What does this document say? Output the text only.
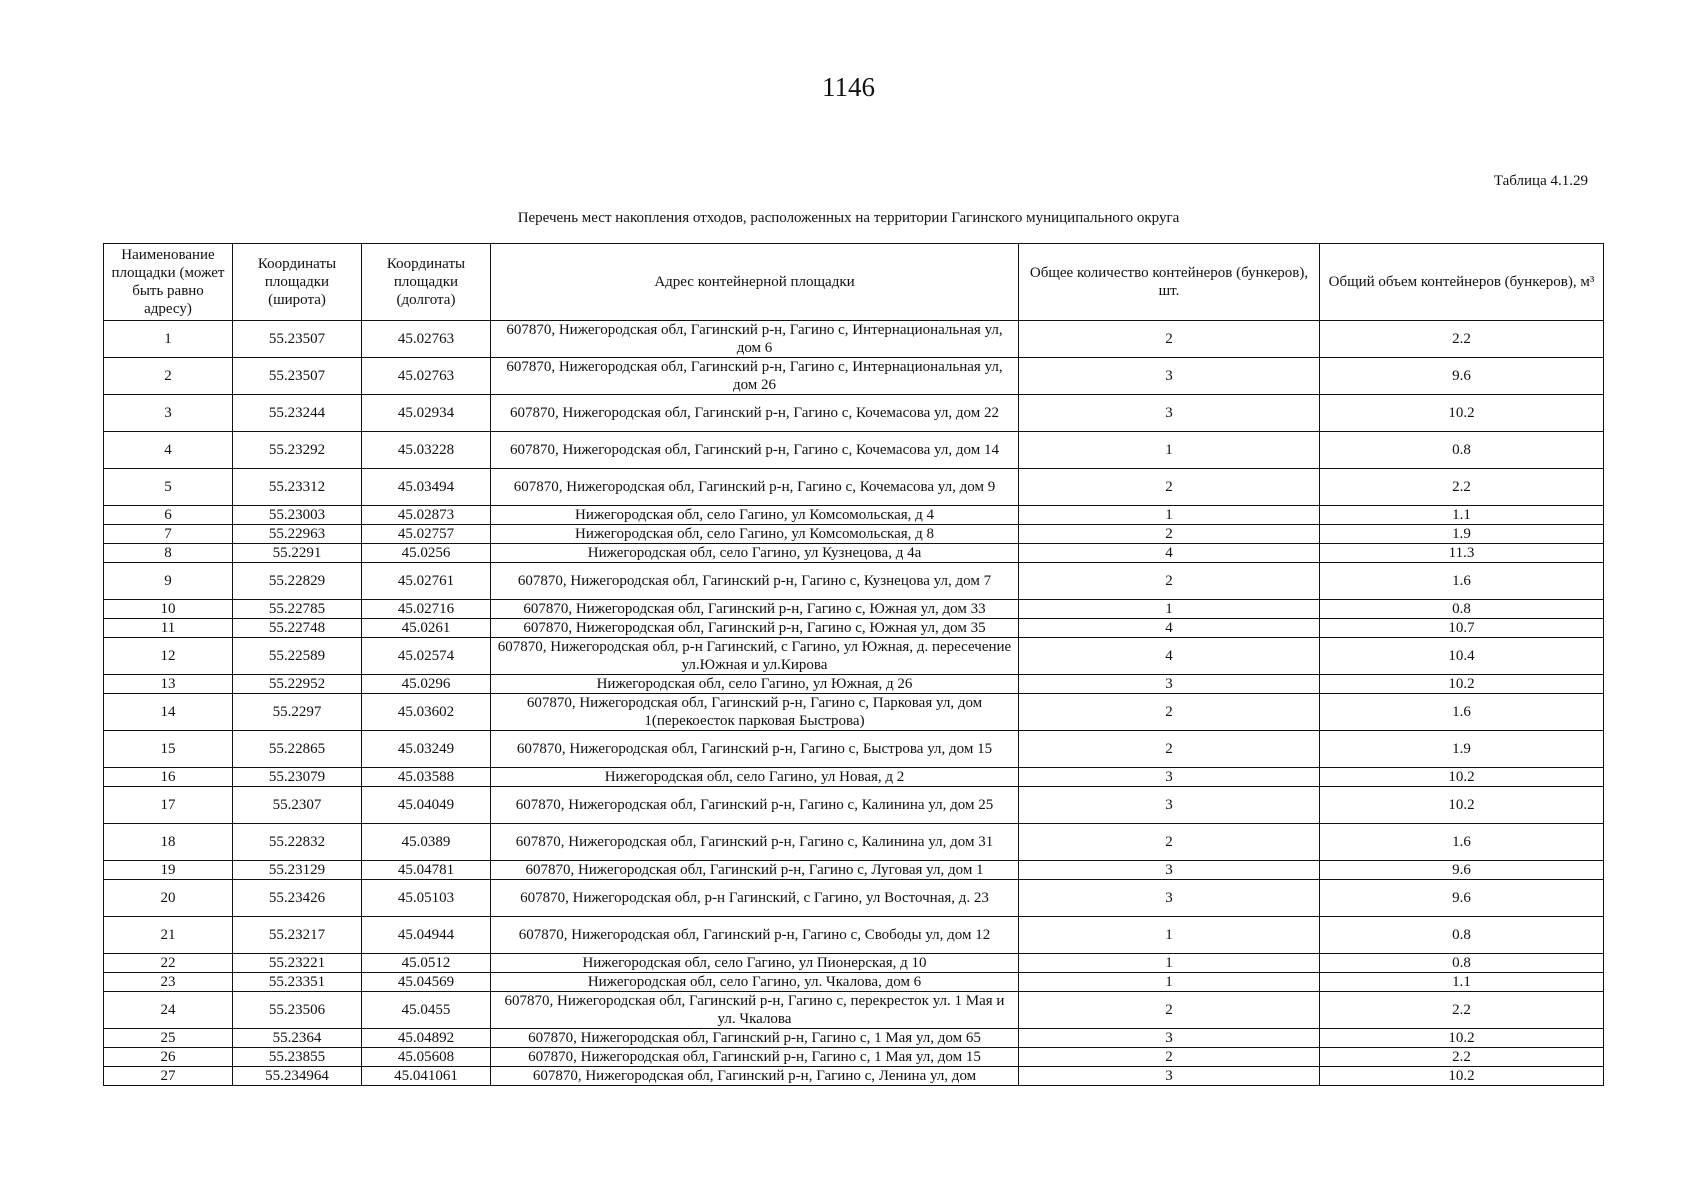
1146
Таблица 4.1.29
Перечень мест накопления отходов, расположенных на территории Гагинского муниципального округа
Наименование площадки (может быть равно адресу)	Координаты площадки (широта)	Координаты площадки (долгота)	Адрес контейнерной площадки	Общее количество контейнеров (бункеров), шт.	Общий объем контейнеров (бункеров), м³
1	55.23507	45.02763	607870, Нижегородская обл, Гагинский р-н, Гагино с, Интернациональная ул, дом 6	2	2.2
2	55.23507	45.02763	607870, Нижегородская обл, Гагинский р-н, Гагино с, Интернациональная ул, дом 26	3	9.6
3	55.23244	45.02934	607870, Нижегородская обл, Гагинский р-н, Гагино с, Кочемасова ул, дом 22	3	10.2
4	55.23292	45.03228	607870, Нижегородская обл, Гагинский р-н, Гагино с, Кочемасова ул, дом 14	1	0.8
5	55.23312	45.03494	607870, Нижегородская обл, Гагинский р-н, Гагино с, Кочемасова ул, дом 9	2	2.2
6	55.23003	45.02873	Нижегородская обл, село Гагино, ул Комсомольская, д 4	1	1.1
7	55.22963	45.02757	Нижегородская обл, село Гагино, ул Комсомольская, д 8	2	1.9
8	55.2291	45.0256	Нижегородская обл, село Гагино, ул Кузнецова, д 4а	4	11.3
9	55.22829	45.02761	607870, Нижегородская обл, Гагинский р-н, Гагино с, Кузнецова ул, дом 7	2	1.6
10	55.22785	45.02716	607870, Нижегородская обл, Гагинский р-н, Гагино с, Южная ул, дом 33	1	0.8
11	55.22748	45.0261	607870, Нижегородская обл, Гагинский р-н, Гагино с, Южная ул, дом 35	4	10.7
12	55.22589	45.02574	607870, Нижегородская обл, р-н Гагинский, с Гагино, ул Южная, д. пересечение ул.Южная и ул.Кирова	4	10.4
13	55.22952	45.0296	Нижегородская обл, село Гагино, ул Южная, д 26	3	10.2
14	55.2297	45.03602	607870, Нижегородская обл, Гагинский р-н, Гагино с, Парковая ул, дом 1(перекоесток парковая Быстрова)	2	1.6
15	55.22865	45.03249	607870, Нижегородская обл, Гагинский р-н, Гагино с, Быстрова ул, дом 15	2	1.9
16	55.23079	45.03588	Нижегородская обл, село Гагино, ул Новая, д 2	3	10.2
17	55.2307	45.04049	607870, Нижегородская обл, Гагинский р-н, Гагино с, Калинина ул, дом 25	3	10.2
18	55.22832	45.0389	607870, Нижегородская обл, Гагинский р-н, Гагино с, Калинина ул, дом 31	2	1.6
19	55.23129	45.04781	607870, Нижегородская обл, Гагинский р-н, Гагино с, Луговая ул, дом 1	3	9.6
20	55.23426	45.05103	607870, Нижегородская обл, р-н Гагинский, с Гагино, ул Восточная, д. 23	3	9.6
21	55.23217	45.04944	607870, Нижегородская обл, Гагинский р-н, Гагино с, Свободы ул, дом 12	1	0.8
22	55.23221	45.0512	Нижегородская обл, село Гагино, ул Пионерская, д 10	1	0.8
23	55.23351	45.04569	Нижегородская обл, село Гагино, ул. Чкалова, дом 6	1	1.1
24	55.23506	45.0455	607870, Нижегородская обл, Гагинский р-н, Гагино с, перекресток ул. 1 Мая и ул. Чкалова	2	2.2
25	55.2364	45.04892	607870, Нижегородская обл, Гагинский р-н, Гагино с, 1 Мая ул, дом 65	3	10.2
26	55.23855	45.05608	607870, Нижегородская обл, Гагинский р-н, Гагино с, 1 Мая ул, дом 15	2	2.2
27	55.234964	45.041061	607870, Нижегородская обл, Гагинский р-н, Гагино с, Ленина ул, дом	3	10.2
